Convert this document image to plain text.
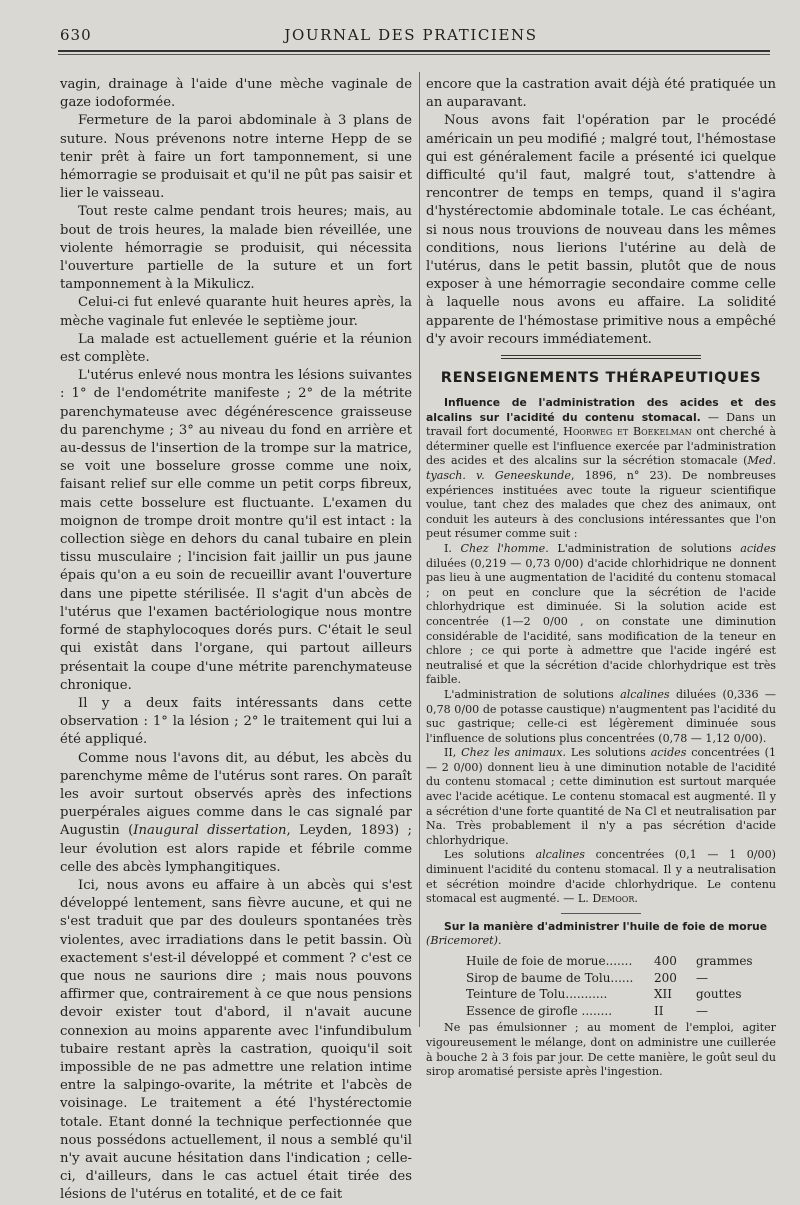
630	JOURNAL DES PRATICIENS

vagin, drainage à l'aide d'une mèche vaginale de gaze iodoformée.

Fermeture de la paroi abdominale à 3 plans de suture. Nous prévenons notre interne Hepp de se tenir prêt à faire un fort tamponnement, si une hémorragie se produisait et qu'il ne pût pas saisir et lier le vaisseau.

Tout reste calme pendant trois heures; mais, au bout de trois heures, la malade bien réveillée, une violente hémorragie se produisit, qui nécessita l'ouverture partielle de la suture et un fort tamponnement à la Mikulicz.

Celui-ci fut enlevé quarante huit heures après, la mèche vaginale fut enlevée le septième jour.

La malade est actuellement guérie et la réunion est complète.

L'utérus enlevé nous montra les lésions suivantes : 1° de l'endométrite manifeste ; 2° de la métrite parenchymateuse avec dégénérescence graisseuse du parenchyme ; 3° au niveau du fond en arrière et au-dessus de l'insertion de la trompe sur la matrice, se voit une bosselure grosse comme une noix, faisant relief sur elle comme un petit corps fibreux, mais cette bosselure est fluctuante. L'examen du moignon de trompe droit montre qu'il est intact : la collection siège en dehors du canal tubaire en plein tissu musculaire ; l'incision fait jaillir un pus jaune épais qu'on a eu soin de recueillir avant l'ouverture dans une pipette stérilisée. Il s'agit d'un abcès de l'utérus que l'examen bactériologique nous montre formé de staphylocoques dorés purs. C'était le seul qui existât dans l'organe, qui partout ailleurs présentait la coupe d'une métrite parenchymateuse chronique.

Il y a deux faits intéressants dans cette observation : 1° la lésion ; 2° le traitement qui lui a été appliqué.

Comme nous l'avons dit, au début, les abcès du parenchyme même de l'utérus sont rares. On paraît les avoir surtout observés après des infections puerpérales aigues comme dans le cas signalé par Augustin (Inaugural dissertation, Leyden, 1893) ; leur évolution est alors rapide et fébrile comme celle des abcès lymphangitiques.

Ici, nous avons eu affaire à un abcès qui s'est développé lentement, sans fièvre aucune, et qui ne s'est traduit que par des douleurs spontanées très violentes, avec irradiations dans le petit bassin. Où exactement s'est-il développé et comment ? c'est ce que nous ne saurions dire ; mais nous pouvons affirmer que, contrairement à ce que nous pensions devoir exister tout d'abord, il n'avait aucune connexion au moins apparente avec l'infundibulum tubaire restant après la castration, quoiqu'il soit impossible de ne pas admettre une relation intime entre la salpingo-ovarite, la métrite et l'abcès de voisinage. Le traitement a été l'hystérectomie totale. Etant donné la technique perfectionnée que nous possédons actuellement, il nous a semblé qu'il n'y avait aucune hésitation dans l'indication ; celle-ci, d'ailleurs, dans le cas actuel était tirée des lésions de l'utérus en totalité, et de ce fait

encore que la castration avait déjà été pratiquée un an auparavant.

Nous avons fait l'opération par le procédé américain un peu modifié ; malgré tout, l'hémostase qui est généralement facile a présenté ici quelque difficulté qu'il faut, malgré tout, s'attendre à rencontrer de temps en temps, quand il s'agira d'hystérectomie abdominale totale. Le cas échéant, si nous nous trouvions de nouveau dans les mêmes conditions, nous lierions l'utérine au delà de l'utérus, dans le petit bassin, plutôt que de nous exposer à une hémorragie secondaire comme celle à laquelle nous avons eu affaire. La solidité apparente de l'hémostase primitive nous a empêché d'y avoir recours immédiatement.

RENSEIGNEMENTS THÉRAPEUTIQUES

Influence de l'administration des acides et des alcalins sur l'acidité du contenu stomacal. — Dans un travail fort documenté, Hoorweg et Boekelman ont cherché à déterminer quelle est l'influence exercée par l'administration des acides et des alcalins sur la sécrétion stomacale (Med. tyasch. v. Geneeskunde, 1896, n° 23). De nombreuses expériences instituées avec toute la rigueur scientifique voulue, tant chez des malades que chez des animaux, ont conduit les auteurs à des conclusions intéressantes que l'on peut résumer comme suit :

I. Chez l'homme. L'administration de solutions acides diluées (0,219 — 0,73 0/00) d'acide chlorhidrique ne donnent pas lieu à une augmentation de l'acidité du contenu stomacal ; on peut en conclure que la sécrétion de l'acide chlorhydrique est diminuée. Si la solution acide est concentrée (1—2 0/00 , on constate une diminution considérable de l'acidité, sans modification de la teneur en chlore ; ce qui porte à admettre que l'acide ingéré est neutralisé et que la sécrétion d'acide chlorhydrique est très faible.

L'administration de solutions alcalines diluées (0,336 — 0,78 0/00 de potasse caustique) n'augmentent pas l'acidité du suc gastrique; celle-ci est légèrement diminuée sous l'influence de solutions plus concentrées (0,78 — 1,12 0/00).

II, Chez les animaux. Les solutions acides concentrées (1 — 2 0/00) donnent lieu à une diminution notable de l'acidité du contenu stomacal ; cette diminution est surtout marquée avec l'acide acétique. Le contenu stomacal est augmenté. Il y a sécrétion d'une forte quantité de Na Cl et neutralisation par Na. Très probablement il n'y a pas sécrétion d'acide chlorhydrique.

Les solutions alcalines concentrées (0,1 — 1 0/00) diminuent l'acidité du contenu stomacal. Il y a neutralisation et sécrétion moindre d'acide chlorhydrique. Le contenu stomacal est augmenté. — L. Demoor.

Sur la manière d'administrer l'huile de foie de morue

(Bricemoret).

Huile de foie de morue....... 400 grammes
Sirop de baume de Tolu...... 200 —
Teinture de Tolu...........	XII gouttes
Essence de girofle ........	II	—

Ne pas émulsionner ; au moment de l'emploi, agiter vigoureusement le mélange, dont on administre une cuillerée à bouche 2 à 3 fois par jour. De cette manière, le goût seul du sirop aromatisé persiste après l'ingestion.
